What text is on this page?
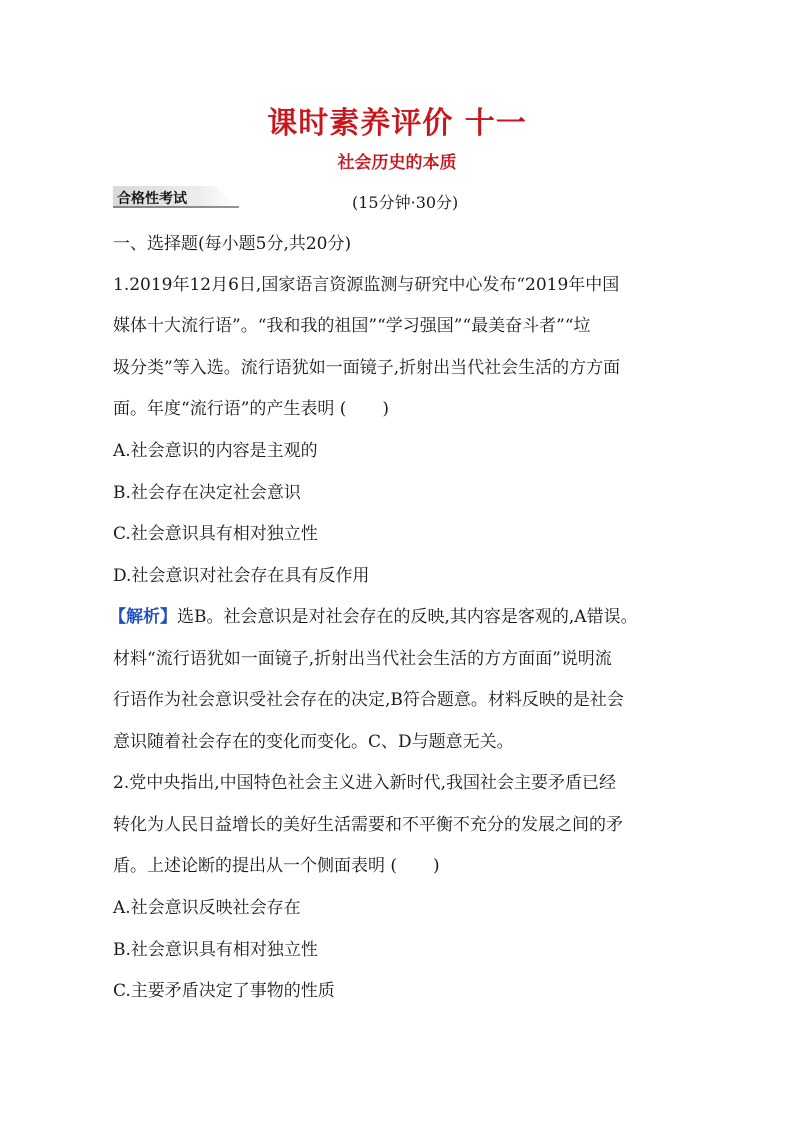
课时素养评价 十一
社会历史的本质
合格性考试	(15分钟·30分)
一、选择题(每小题5分,共20分)
1.2019年12月6日,国家语言资源监测与研究中心发布“2019年中国
媒体十大流行语”。“我和我的祖国”“学习强国”“最美奋斗者”“垃
圾分类”等入选。流行语犹如一面镜子,折射出当代社会生活的方方面
面。年度“流行语”的产生表明 ( )
A.社会意识的内容是主观的
B.社会存在决定社会意识
C.社会意识具有相对独立性
D.社会意识对社会存在具有反作用
【解析】选B。社会意识是对社会存在的反映,其内容是客观的,A错误。
材料“流行语犹如一面镜子,折射出当代社会生活的方方面面”说明流
行语作为社会意识受社会存在的决定,B符合题意。材料反映的是社会
意识随着社会存在的变化而变化。C、D与题意无关。
2.党中央指出,中国特色社会主义进入新时代,我国社会主要矛盾已经
转化为人民日益增长的美好生活需要和不平衡不充分的发展之间的矛
盾。上述论断的提出从一个侧面表明 ( )
A.社会意识反映社会存在
B.社会意识具有相对独立性
C.主要矛盾决定了事物的性质
